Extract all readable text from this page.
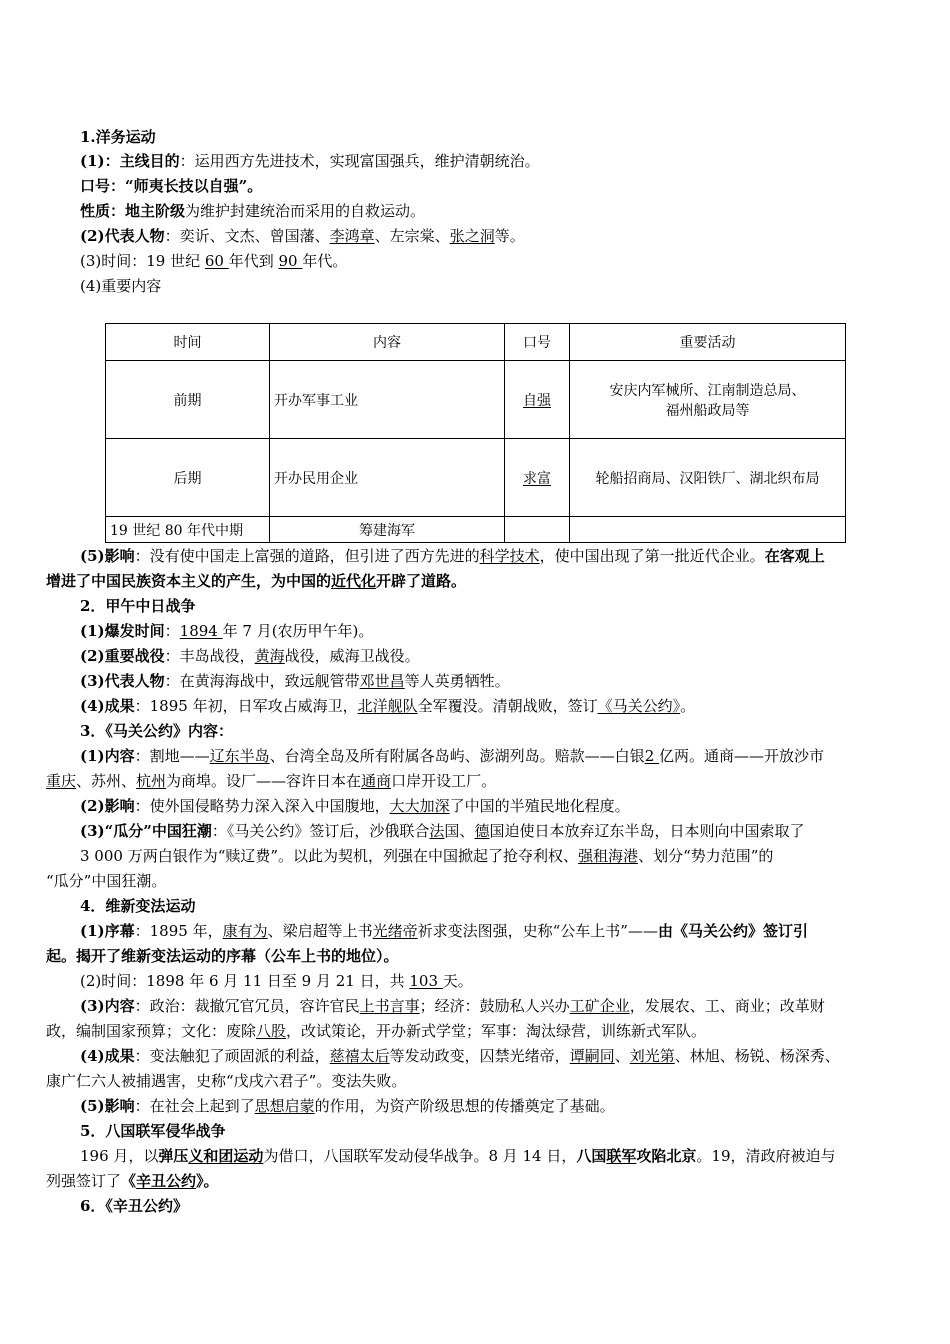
1.洋务运动
(1)：主线目的：运用西方先进技术，实现富国强兵，维护清朝统治。
口号：“师夷长技以自强”。
性质：地主阶级为维护封建统治而采用的自救运动。
(2)代表人物：奕䜣、文杰、曾国藩、李鸿章、左宗棠、张之洞等。
(3)时间：19 世纪 60 年代到 90 年代。
(4)重要内容
时间	内容	口号	重要活动
前期	开办军事工业	自强	安庆内军械所、江南制造总局、
福州船政局等

后期	开办民用企业	求富	轮船招商局、汉阳铁厂、湖北织布局
19 世纪 80 年代中期	筹建海军		
(5)影响：没有使中国走上富强的道路，但引进了西方先进的科学技术，使中国出现了第一批近代企业。在客观上
增进了中国民族资本主义的产生，为中国的近代化开辟了道路。
2．甲午中日战争
(1)爆发时间：1894 年 7 月(农历甲午年)。
(2)重要战役：丰岛战役，黄海战役，威海卫战役。
(3)代表人物：在黄海海战中，致远舰管带邓世昌等人英勇牺牲。
(4)成果：1895 年初，日军攻占威海卫，北洋舰队全军覆没。清朝战败，签订《马关公约》。
3．《马关公约》内容：
(1)内容：割地——辽东半岛、台湾全岛及所有附属各岛屿、澎湖列岛。赔款——白银2 亿两。通商——开放沙市
重庆、苏州、杭州为商埠。设厂——容许日本在通商口岸开设工厂。
(2)影响：使外国侵略势力深入深入中国腹地，大大加深了中国的半殖民地化程度。
(3)“瓜分”中国狂潮：《马关公约》签订后，沙俄联合法国、德国迫使日本放弃辽东半岛，日本则向中国索取了
3 000 万两白银作为“赎辽费”。以此为契机，列强在中国掀起了抢夺利权、强租海港、划分“势力范围”的
“瓜分”中国狂潮。
4．维新变法运动
(1)序幕：1895 年，康有为、梁启超等上书光绪帝祈求变法图强，史称“公车上书”——由《马关公约》签订引
起。揭开了维新变法运动的序幕（公车上书的地位）。
(2)时间：1898 年 6 月 11 日至 9 月 21 日，共 103 天。
(3)内容：政治：裁撤冗官冗员，容许官民上书言事；经济：鼓励私人兴办工矿企业，发展农、工、商业；改革财
政，编制国家预算；文化：废除八股，改试策论，开办新式学堂；军事：淘汰绿营，训练新式军队。
(4)成果：变法触犯了顽固派的利益，慈禧太后等发动政变，囚禁光绪帝，谭嗣同、刘光第、林旭、杨锐、杨深秀、
康广仁六人被捕遇害，史称“戊戌六君子”。变法失败。
(5)影响：在社会上起到了思想启蒙的作用，为资产阶级思想的传播奠定了基础。
5．八国联军侵华战争
196 月，以弹压义和团运动为借口，八国联军发动侵华战争。8 月 14 日，八国联军攻陷北京。19，清政府被迫与
列强签订了《辛丑公约》。
6．《辛丑公约》
